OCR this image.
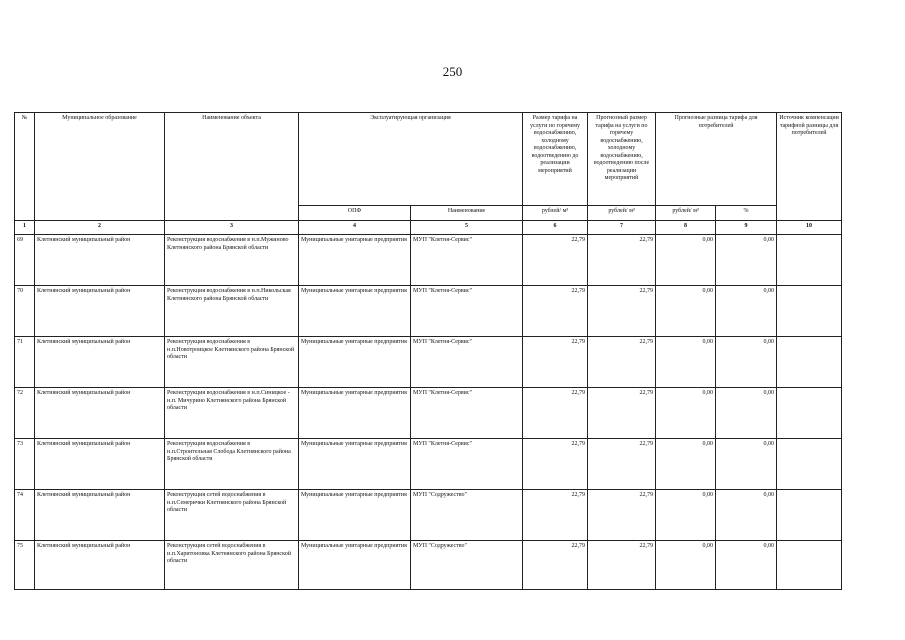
250
№	Муниципальное образование	Наименование объекта	Эксплуатирующая организация		Размер тарифа на услуги по горячему водоснабжению, холодному водоснабжению, водоотведению до реализации мероприятий	Прогнозный размер тарифа на услуги по горячему водоснабжению, холодному водоснабжению, водоотведению после реализации мероприятий	Прогнозные разница тарифа для потребителей		Источник компенсации тарифной разницы для потребителей
			ОПФ	Наименование	рублей/ м³	рублей/ м³	рублей/ м³	%	
1	2	3	4	5	6	7	8	9	10
69	Клетнянский муниципальный район	Реконструкция водоснабжения в н.п.Мужиново Клетнянского района Брянской области	Муниципальные унитарные предприятия	МУП "Клетня-Сервис"	22,79	22,79	0,00	0,00	
70	Клетнянский муниципальный район	Реконструкция водоснабжения в н.п.Никольская Клетнянского района Брянской области	Муниципальные унитарные предприятия	МУП "Клетня-Сервис"	22,79	22,79	0,00	0,00	
71	Клетнянский муниципальный район	Реконструкция водоснабжения в н.п.Новотроицкое Клетнянского района Брянской области	Муниципальные унитарные предприятия	МУП "Клетня-Сервис"	22,79	22,79	0,00	0,00	
72	Клетнянский муниципальный район	Реконструкция водоснабжения в н.п.Синицкое - н.п. Мичурино Клетнянского района Брянской области	Муниципальные унитарные предприятия	МУП "Клетня-Сервис"	22,79	22,79	0,00	0,00	
73	Клетнянский муниципальный район	Реконструкция водоснабжения в н.п.Строительная Слобода Клетнянского района Брянской области	Муниципальные унитарные предприятия	МУП "Клетня-Сервис"	22,79	22,79	0,00	0,00	
74	Клетнянский муниципальный район	Реконструкция сетей водоснабжения в н.п.Семерички Клетнянского района Брянской области	Муниципальные унитарные предприятия	МУП "Содружество"	22,79	22,79	0,00	0,00	
75	Клетнянский муниципальный район	Реконструкция сетей водоснабжения в н.п.Харитоновка Клетнянского района Брянской области	Муниципальные унитарные предприятия	МУП "Содружество"	22,79	22,79	0,00	0,00	
